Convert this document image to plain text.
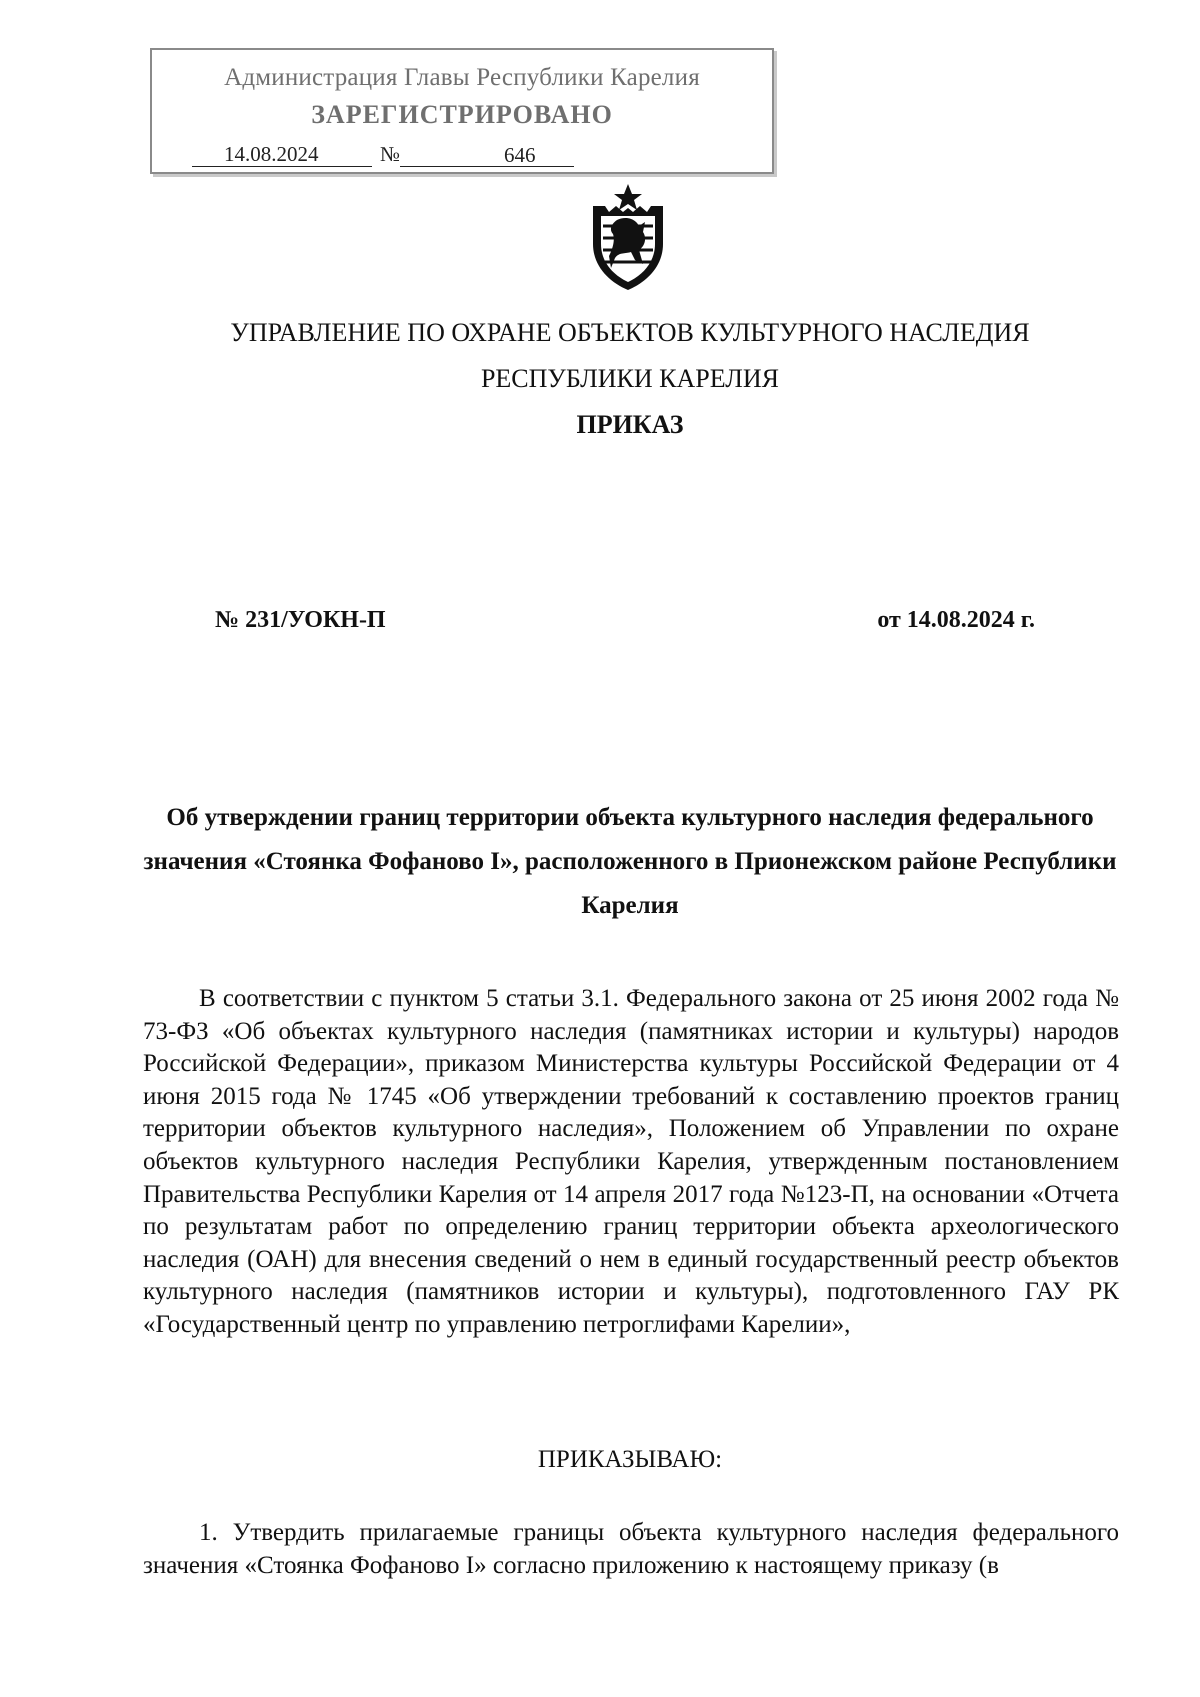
Администрация Главы Республики Карелия
ЗАРЕГИСТРИРОВАНО
14.08.2024	№	646
УПРАВЛЕНИЕ ПО ОХРАНЕ ОБЪЕКТОВ КУЛЬТУРНОГО НАСЛЕДИЯ
РЕСПУБЛИКИ КАРЕЛИЯ
ПРИКАЗ
№ 231/УОКН-П	от 14.08.2024 г.
Об утверждении границ территории объекта культурного наследия федерального значения «Стоянка Фофаново I», расположенного в Прионежском районе Республики Карелия
В соответствии с пунктом 5 статьи 3.1. Федерального закона от 25 июня 2002 года № 73-ФЗ «Об объектах культурного наследия (памятниках истории и культуры) народов Российской Федерации», приказом Министерства культуры Российской Федерации от 4 июня 2015 года № 1745 «Об утверждении требований к составлению проектов границ территории объектов культурного наследия», Положением об Управлении по охране объектов культурного наследия Республики Карелия, утвержденным постановлением Правительства Республики Карелия от 14 апреля 2017 года №123-П, на основании «Отчета по результатам работ по определению границ территории объекта археологического наследия (ОАН) для внесения сведений о нем в единый государственный реестр объектов культурного наследия (памятников истории и культуры), подготовленного ГАУ РК «Государственный центр по управлению петроглифами Карелии»,
ПРИКАЗЫВАЮ:
1. Утвердить прилагаемые границы объекта культурного наследия федерального значения «Стоянка Фофаново I» согласно приложению к настоящему приказу (в
